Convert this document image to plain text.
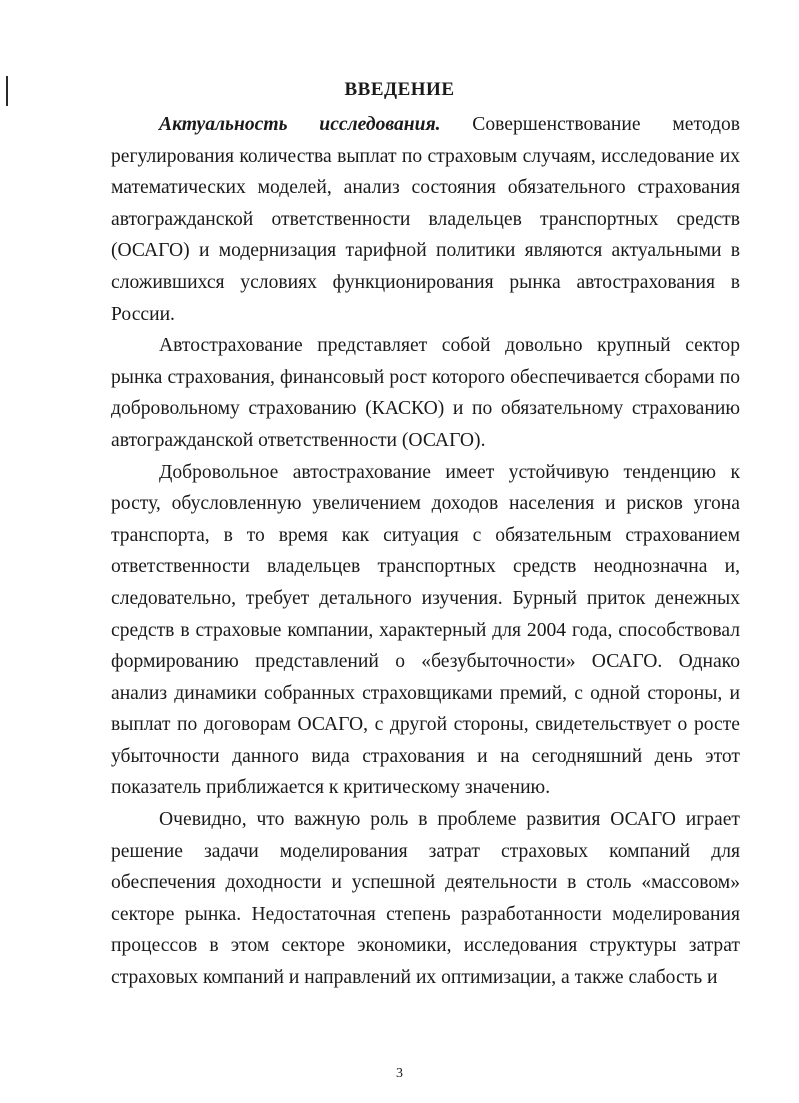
ВВЕДЕНИЕ

Актуальность исследования. Совершенствование методов регулирования количества выплат по страховым случаям, исследование их математических моделей, анализ состояния обязательного страхования автогражданской ответственности владельцев транспортных средств (ОСАГО) и модернизация тарифной политики являются актуальными в сложившихся условиях функционирования рынка автострахования в России.

Автострахование представляет собой довольно крупный сектор рынка страхования, финансовый рост которого обеспечивается сборами по добровольному страхованию (КАСКО) и по обязательному страхованию автогражданской ответственности (ОСАГО).

Добровольное автострахование имеет устойчивую тенденцию к росту, обусловленную увеличением доходов населения и рисков угона транспорта, в то время как ситуация с обязательным страхованием ответственности владельцев транспортных средств неоднозначна и, следовательно, требует детального изучения. Бурный приток денежных средств в страховые компании, характерный для 2004 года, способствовал формированию представлений о «безубыточности» ОСАГО. Однако анализ динамики собранных страховщиками премий, с одной стороны, и выплат по договорам ОСАГО, с другой стороны, свидетельствует о росте убыточности данного вида страхования и на сегодняшний день этот показатель приближается к критическому значению.

Очевидно, что важную роль в проблеме развития ОСАГО играет решение задачи моделирования затрат страховых компаний для обеспечения доходности и успешной деятельности в столь «массовом» секторе рынка. Недостаточная степень разработанности моделирования процессов в этом секторе экономики, исследования структуры затрат страховых компаний и направлений их оптимизации, а также слабость и

3
